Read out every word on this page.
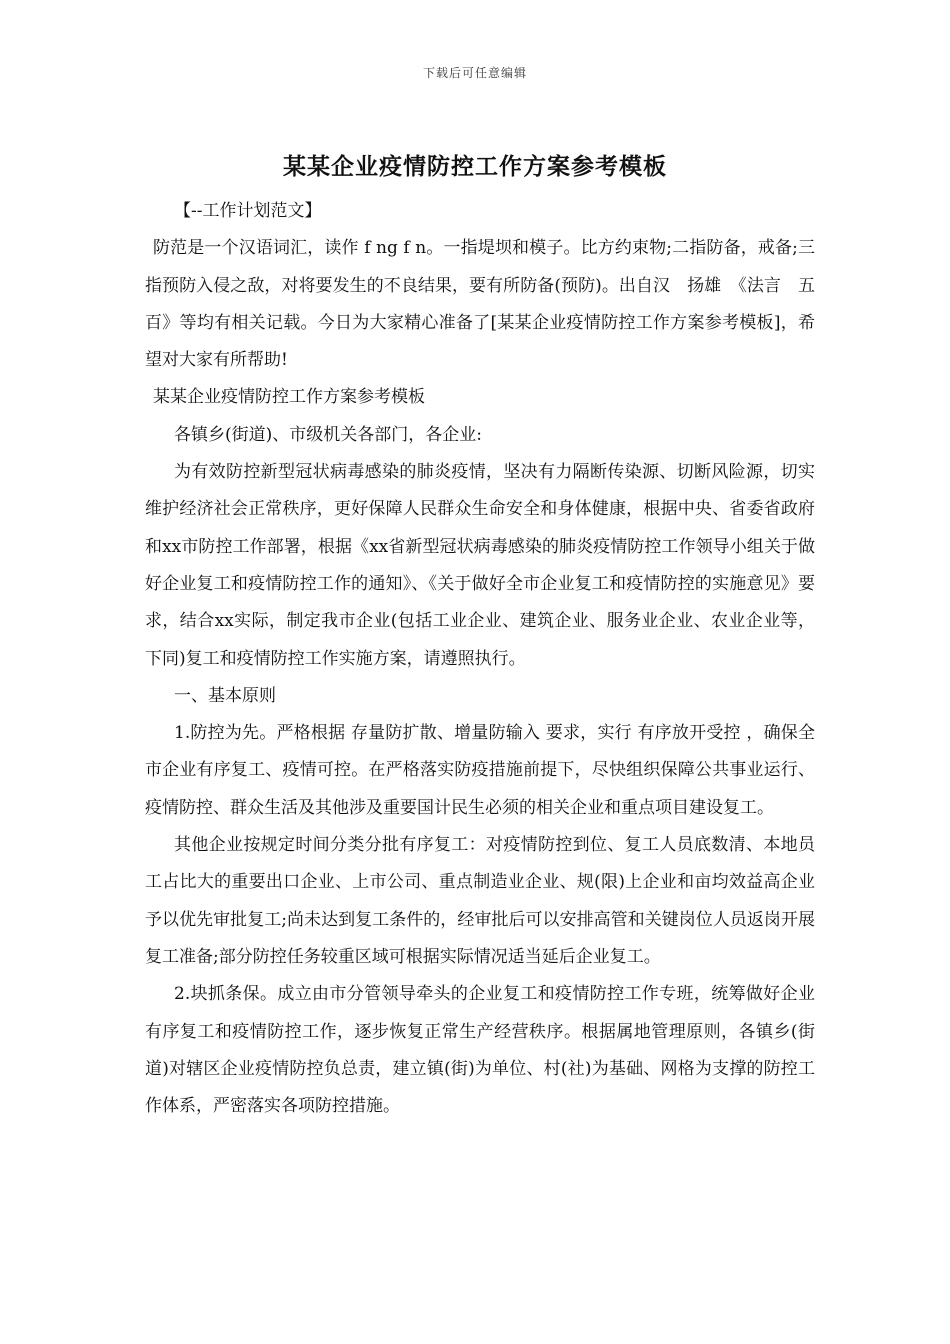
下载后可任意编辑
某某企业疫情防控工作方案参考模板

【--工作计划范文】

防范是一个汉语词汇，读作 f ng f n。一指堤坝和模子。比方约束物;二指防备，戒备;三指预防入侵之敌，对将要发生的不良结果，要有所防备(预防)。出自汉　扬雄　《法言　五百》等均有相关记载。今日为大家精心准备了[某某企业疫情防控工作方案参考模板]，希望对大家有所帮助!

某某企业疫情防控工作方案参考模板

各镇乡(街道)、市级机关各部门，各企业:

为有效防控新型冠状病毒感染的肺炎疫情，坚决有力隔断传染源、切断风险源，切实维护经济社会正常秩序，更好保障人民群众生命安全和身体健康，根据中央、省委省政府和xx市防控工作部署，根据《xx省新型冠状病毒感染的肺炎疫情防控工作领导小组关于做好企业复工和疫情防控工作的通知》、《关于做好全市企业复工和疫情防控的实施意见》要求，结合xx实际，制定我市企业(包括工业企业、建筑企业、服务业企业、农业企业等，下同)复工和疫情防控工作实施方案，请遵照执行。

一、基本原则

1.防控为先。严格根据 存量防扩散、增量防输入 要求，实行 有序放开受控 ，确保全市企业有序复工、疫情可控。在严格落实防疫措施前提下，尽快组织保障公共事业运行、疫情防控、群众生活及其他涉及重要国计民生必须的相关企业和重点项目建设复工。

其他企业按规定时间分类分批有序复工：对疫情防控到位、复工人员底数清、本地员工占比大的重要出口企业、上市公司、重点制造业企业、规(限)上企业和亩均效益高企业予以优先审批复工;尚未达到复工条件的，经审批后可以安排高管和关键岗位人员返岗开展复工准备;部分防控任务较重区域可根据实际情况适当延后企业复工。

2.块抓条保。成立由市分管领导牵头的企业复工和疫情防控工作专班，统筹做好企业有序复工和疫情防控工作，逐步恢复正常生产经营秩序。根据属地管理原则，各镇乡(街道)对辖区企业疫情防控负总责，建立镇(街)为单位、村(社)为基础、网格为支撑的防控工作体系，严密落实各项防控措施。
